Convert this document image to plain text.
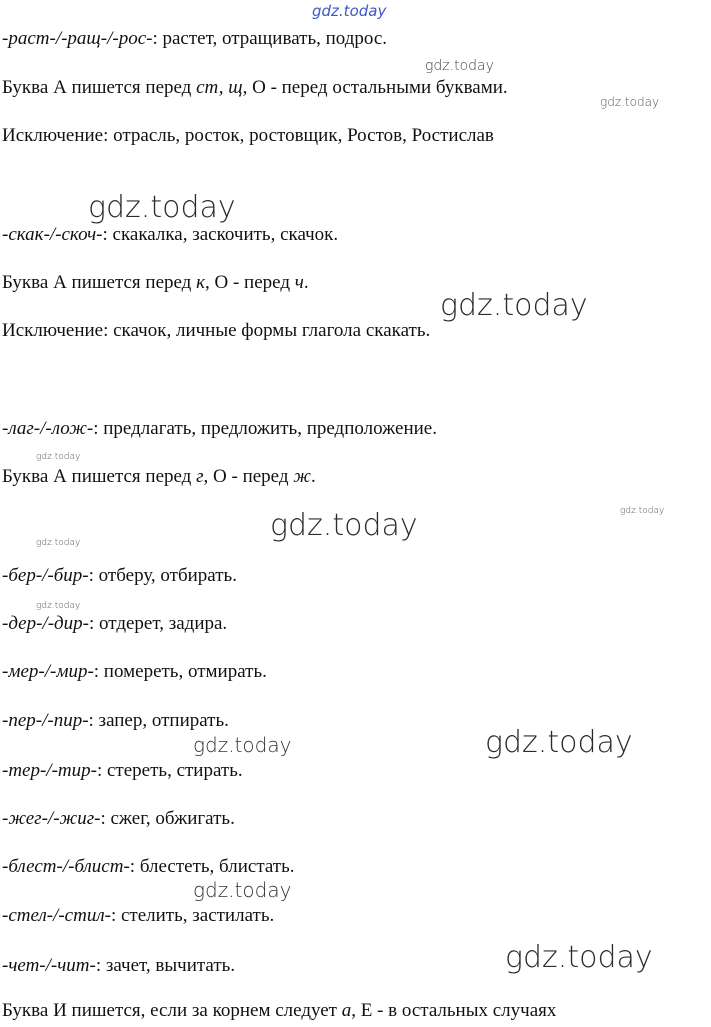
gdz.today
gdz.today
gdz.today
gdz.today
gdz.today
gdz.today
gdz.today
gdz.today
gdz.today
gdz.today
gdz.today	gdz.today
gdz.today
gdz.today
-раст-/-ращ-/-рос-: растет, отращивать, подрос.
Буква А пишется перед ст, щ, О - перед остальными буквами.
Исключение: отрасль, росток, ростовщик, Ростов, Ростислав
-скак-/-скоч-: скакалка, заскочить, скачок.
Буква А пишется перед к, О - перед ч.
Исключение: скачок, личные формы глагола скакать.
-лаг-/-лож-: предлагать, предложить, предположение.
Буква А пишется перед г, О - перед ж.
-бер-/-бир-: отберу, отбирать.
-дер-/-дир-: отдерет, задира.
-мер-/-мир-: помереть, отмирать.
-пер-/-пир-: запер, отпирать.
-тер-/-тир-: стереть, стирать.
-жег-/-жиг-: сжег, обжигать.
-блест-/-блист-: блестеть, блистать.
-стел-/-стил-: стелить, застилать.
-чет-/-чит-: зачет, вычитать.
Буква И пишется, если за корнем следует а, Е - в остальных случаях
